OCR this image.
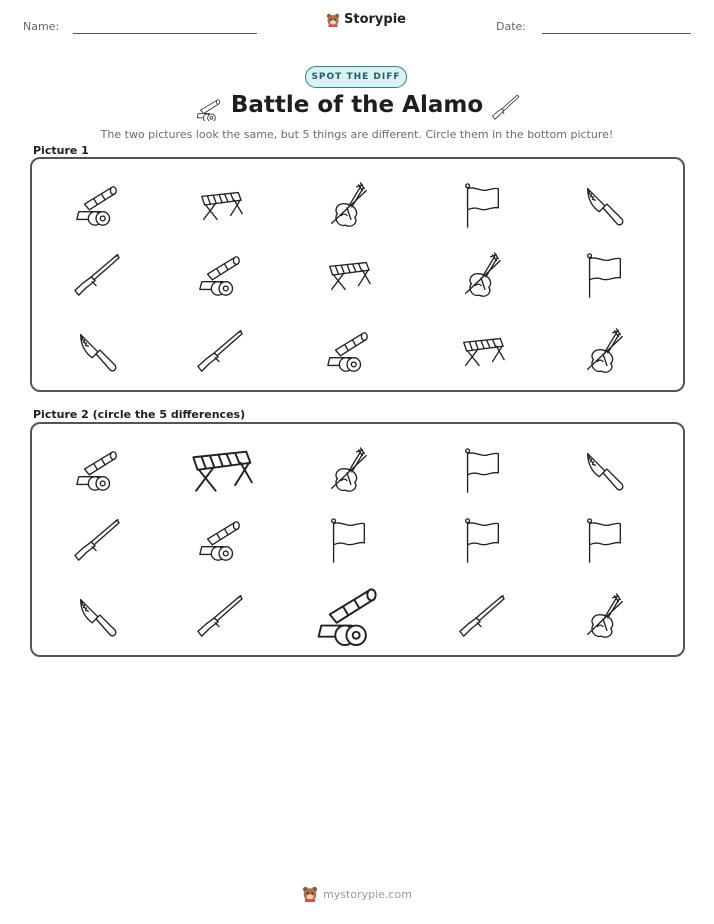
Name:	Storypie	Date:
SPOT THE DIFF
Battle of the Alamo
The two pictures look the same, but 5 things are different. Circle them in the bottom picture!
Picture 1
Picture 2 (circle the 5 differences)
mystorypie.com
